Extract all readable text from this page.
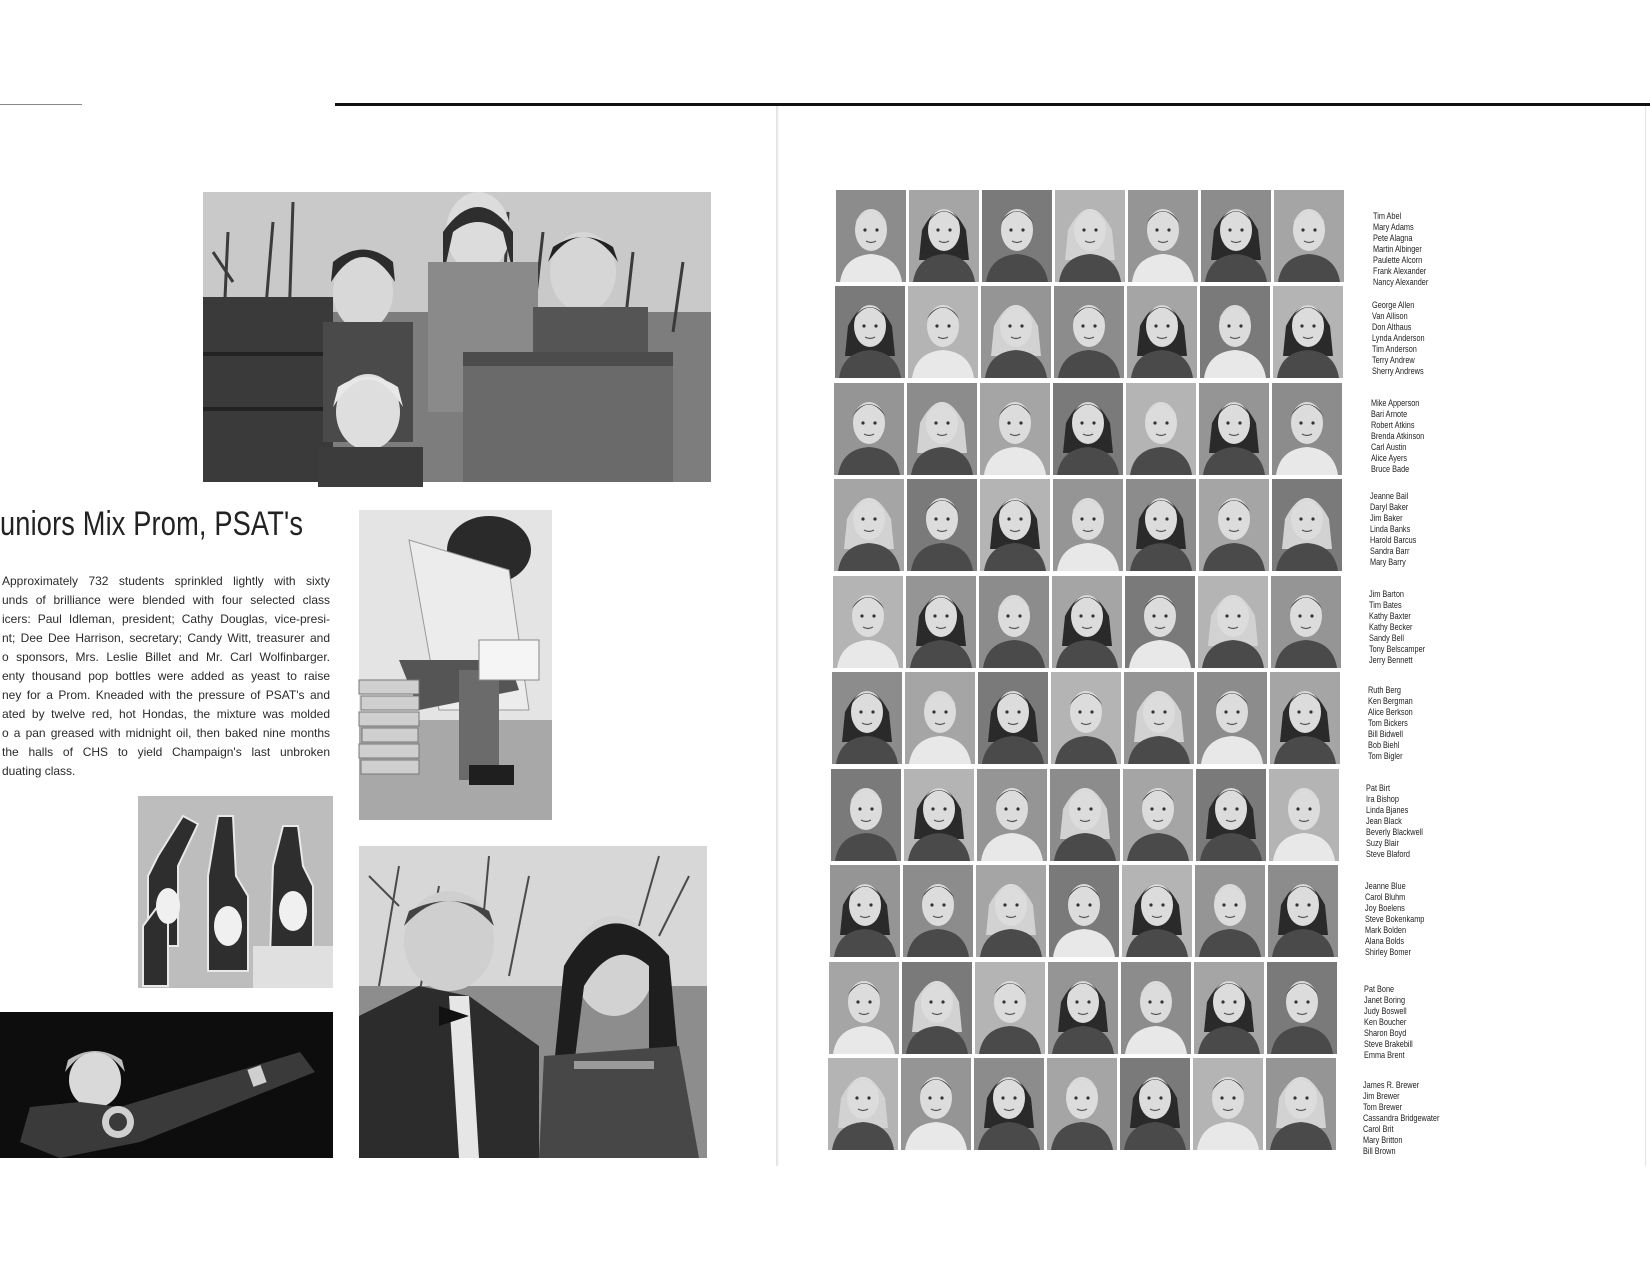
uniors Mix Prom, PSAT's
Approximately 732 students sprinkled lightly with sixty
unds of brilliance were blended with four selected class
icers: Paul Idleman, president; Cathy Douglas, vice-presi-
nt; Dee Dee Harrison, secretary; Candy Witt, treasurer and
o sponsors, Mrs. Leslie Billet and Mr. Carl Wolfinbarger.
enty thousand pop bottles were added as yeast to raise
ney for a Prom. Kneaded with the pressure of PSAT's and
ated by twelve red, hot Hondas, the mixture was molded
o a pan greased with midnight oil, then baked nine months
the halls of CHS to yield Champaign's last unbroken
duating class.
Tim Abel
Mary Adams
Pete Alagna
Martin Albinger
Paulette Alcorn
Frank Alexander
Nancy Alexander
George Allen
Van Allison
Don Althaus
Lynda Anderson
Tim Anderson
Terry Andrew
Sherry Andrews
Mike Apperson
Bari Arnote
Robert Atkins
Brenda Atkinson
Carl Austin
Alice Ayers
Bruce Bade
Jeanne Bail
Daryl Baker
Jim Baker
Linda Banks
Harold Barcus
Sandra Barr
Mary Barry
Jim Barton
Tim Bates
Kathy Baxter
Kathy Becker
Sandy Bell
Tony Belscamper
Jerry Bennett
Ruth Berg
Ken Bergman
Alice Berkson
Tom Bickers
Bill Bidwell
Bob Biehl
Tom Bigler
Pat Birt
Ira Bishop
Linda Bjanes
Jean Black
Beverly Blackwell
Suzy Blair
Steve Blaford
Jeanne Blue
Carol Bluhm
Joy Boelens
Steve Bokenkamp
Mark Bolden
Alana Bolds
Shirley Bomer
Pat Bone
Janet Boring
Judy Boswell
Ken Boucher
Sharon Boyd
Steve Brakebill
Emma Brent
James R. Brewer
Jim Brewer
Tom Brewer
Cassandra Bridgewater
Carol Brit
Mary Britton
Bill Brown
